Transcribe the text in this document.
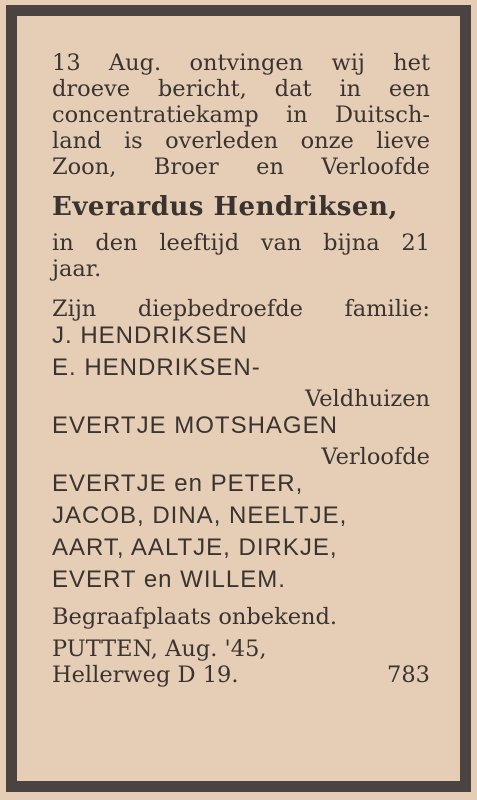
13 Aug. ontvingen wij het
droeve bericht, dat in een
concentratiekamp in Duitsch-
land is overleden onze lieve
Zoon, Broer en Verloofde
Everardus Hendriksen,
in den leeftijd van bijna 21
jaar.
Zijn diepbedroefde familie:
J. HENDRIKSEN
E. HENDRIKSEN-
Veldhuizen
EVERTJE MOTSHAGEN
Verloofde
EVERTJE en PETER,
JACOB, DINA, NEELTJE,
AART, AALTJE, DIRKJE,
EVERT en WILLEM.
Begraafplaats onbekend.
PUTTEN, Aug. '45,
Hellerweg D 19.	783
